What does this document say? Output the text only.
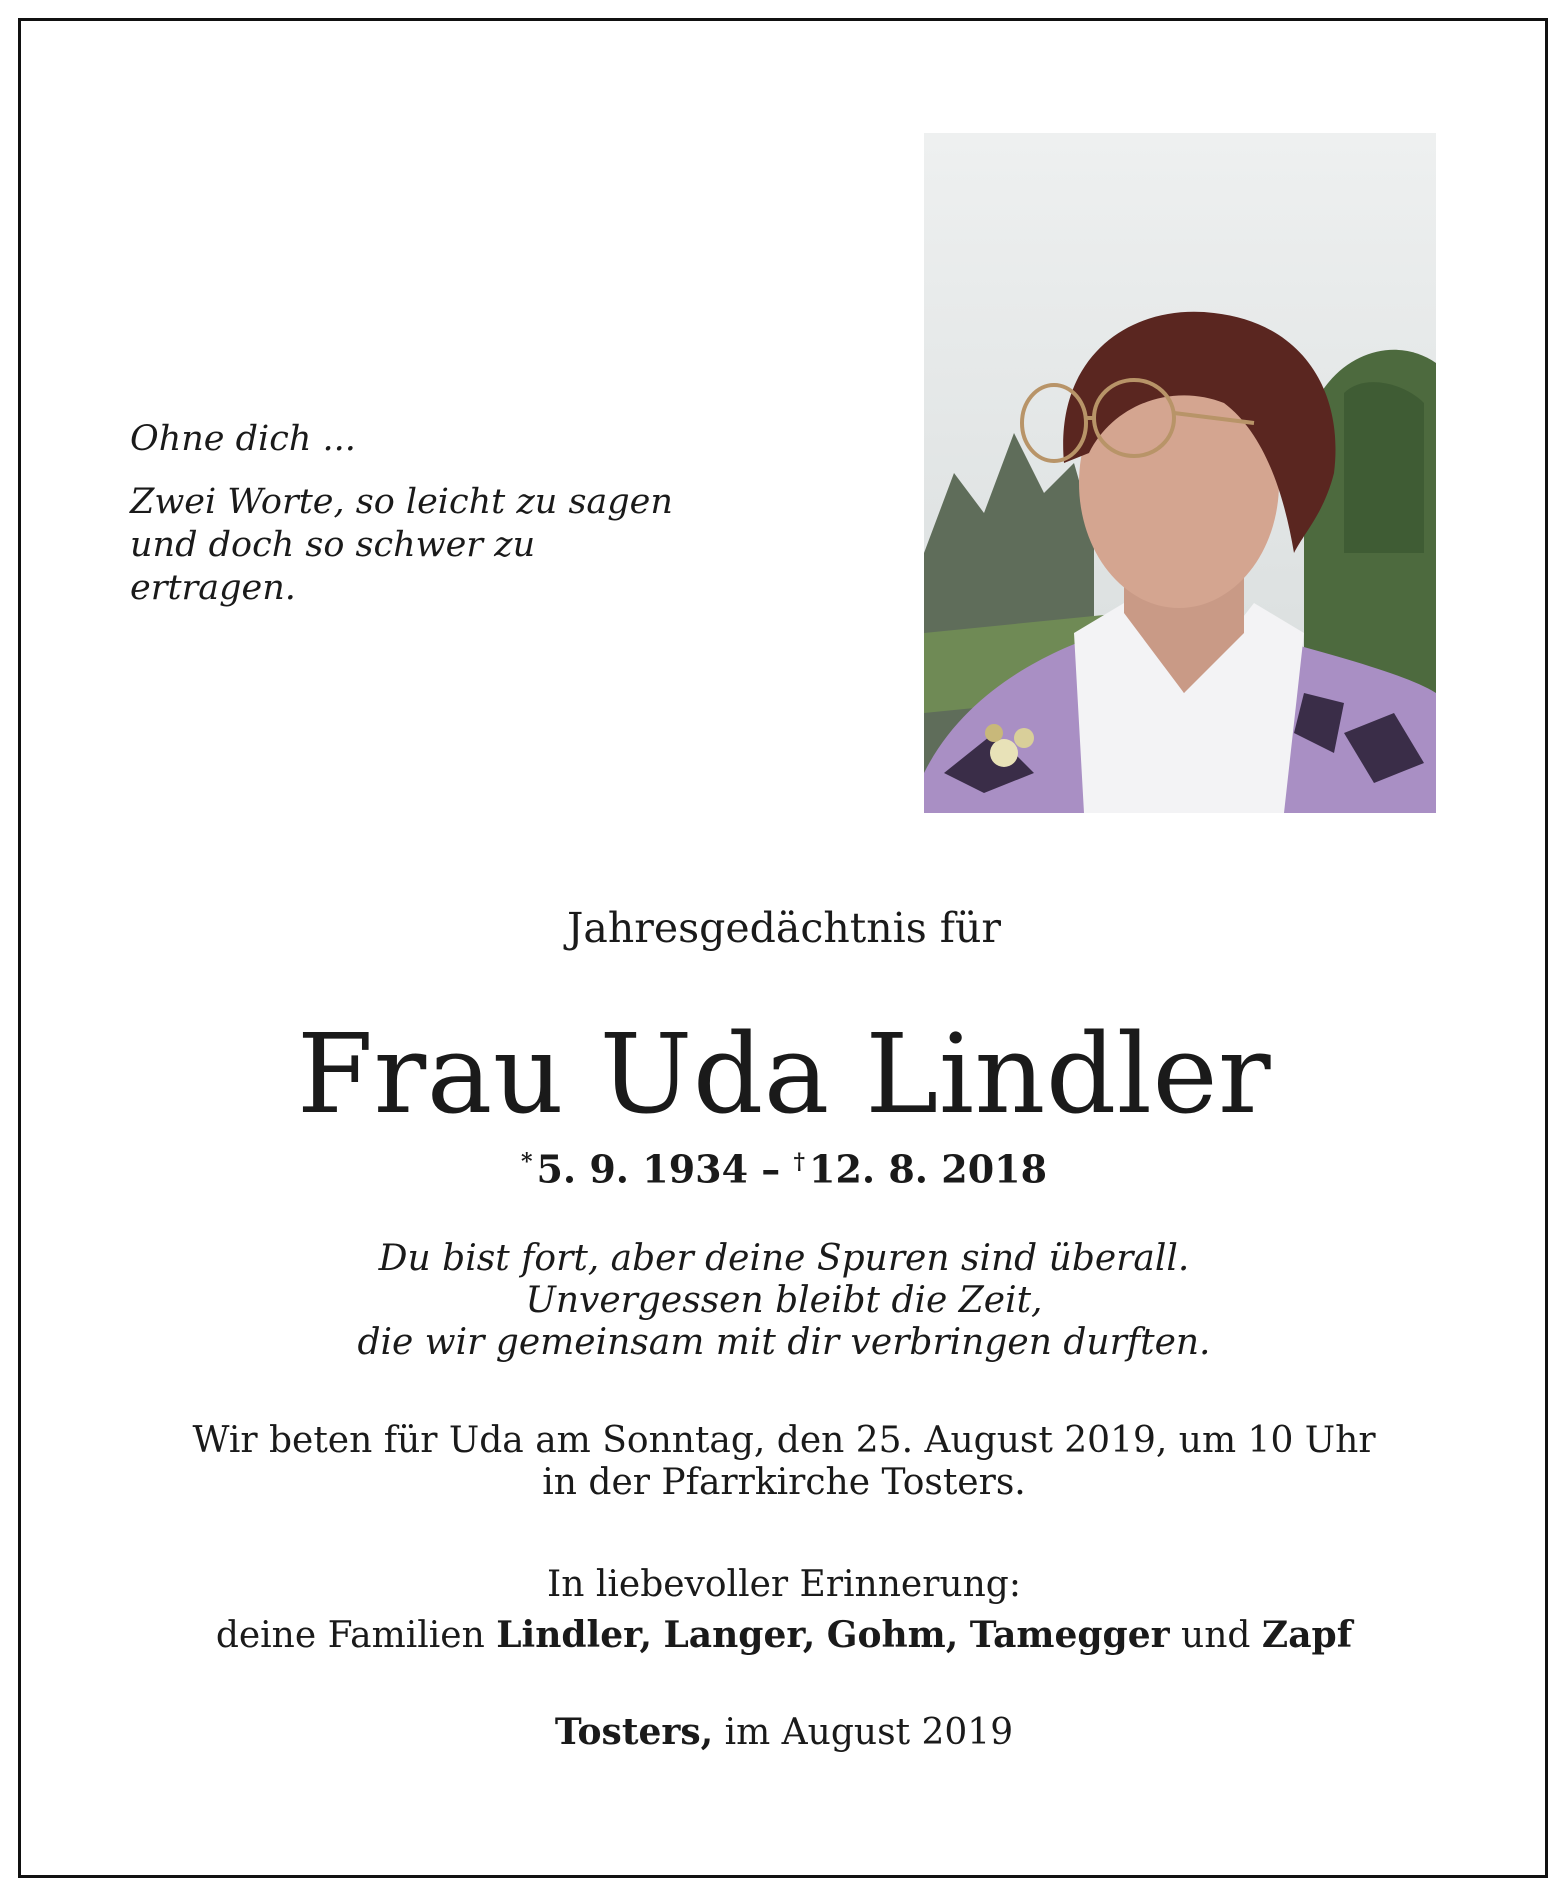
Ohne dich ...

Zwei Worte, so leicht zu sagen

und doch so schwer zu ertragen.

Jahresgedächtnis für
Frau Uda Lindler
* 5. 9. 1934 – † 12. 8. 2018

Du bist fort, aber deine Spuren sind überall.

Unvergessen bleibt die Zeit,

die wir gemeinsam mit dir verbringen durften.

Wir beten für Uda am Sonntag, den 25. August 2019, um 10 Uhr

in der Pfarrkirche Tosters.

In liebevoller Erinnerung:

deine Familien Lindler, Langer, Gohm, Tamegger und Zapf

Tosters, im August 2019
